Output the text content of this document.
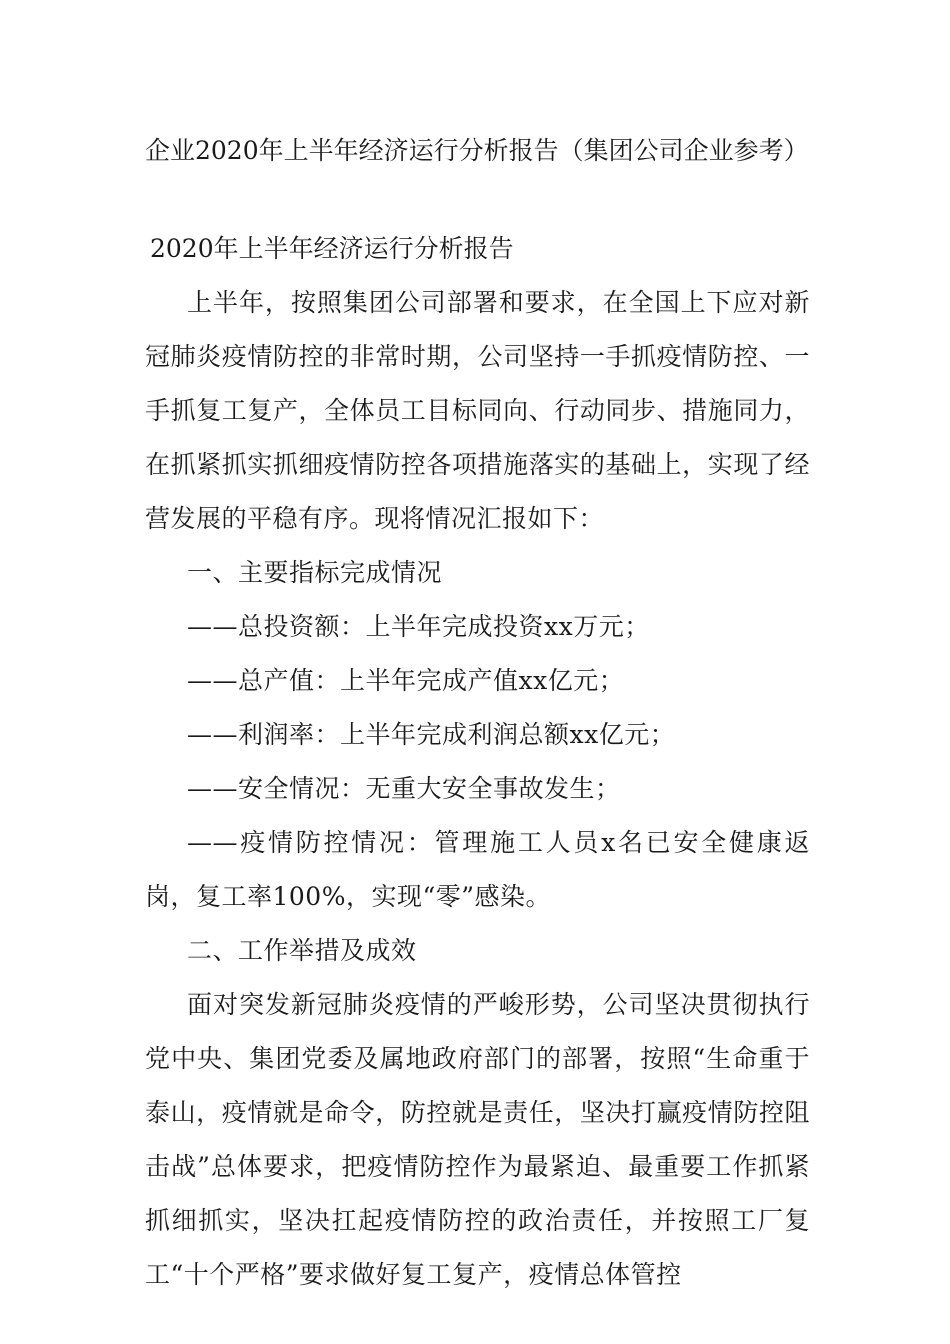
企业2020年上半年经济运行分析报告（集团公司企业参考）
2020年上半年经济运行分析报告

上半年，按照集团公司部署和要求，在全国上下应对新冠肺炎疫情防控的非常时期，公司坚持一手抓疫情防控、一手抓复工复产，全体员工目标同向、行动同步、措施同力，在抓紧抓实抓细疫情防控各项措施落实的基础上，实现了经营发展的平稳有序。现将情况汇报如下：

一、主要指标完成情况

——总投资额：上半年完成投资xx万元；

——总产值：上半年完成产值xx亿元；

——利润率：上半年完成利润总额xx亿元；

——安全情况：无重大安全事故发生；

——疫情防控情况：管理施工人员x名已安全健康返岗，复工率100%，实现“零”感染。

二、工作举措及成效

面对突发新冠肺炎疫情的严峻形势，公司坚决贯彻执行党中央、集团党委及属地政府部门的部署，按照“生命重于泰山，疫情就是命令，防控就是责任，坚决打赢疫情防控阻击战”总体要求，把疫情防控作为最紧迫、最重要工作抓紧抓细抓实，坚决扛起疫情防控的政治责任，并按照工厂复工“十个严格”要求做好复工复产，疫情总体管控
